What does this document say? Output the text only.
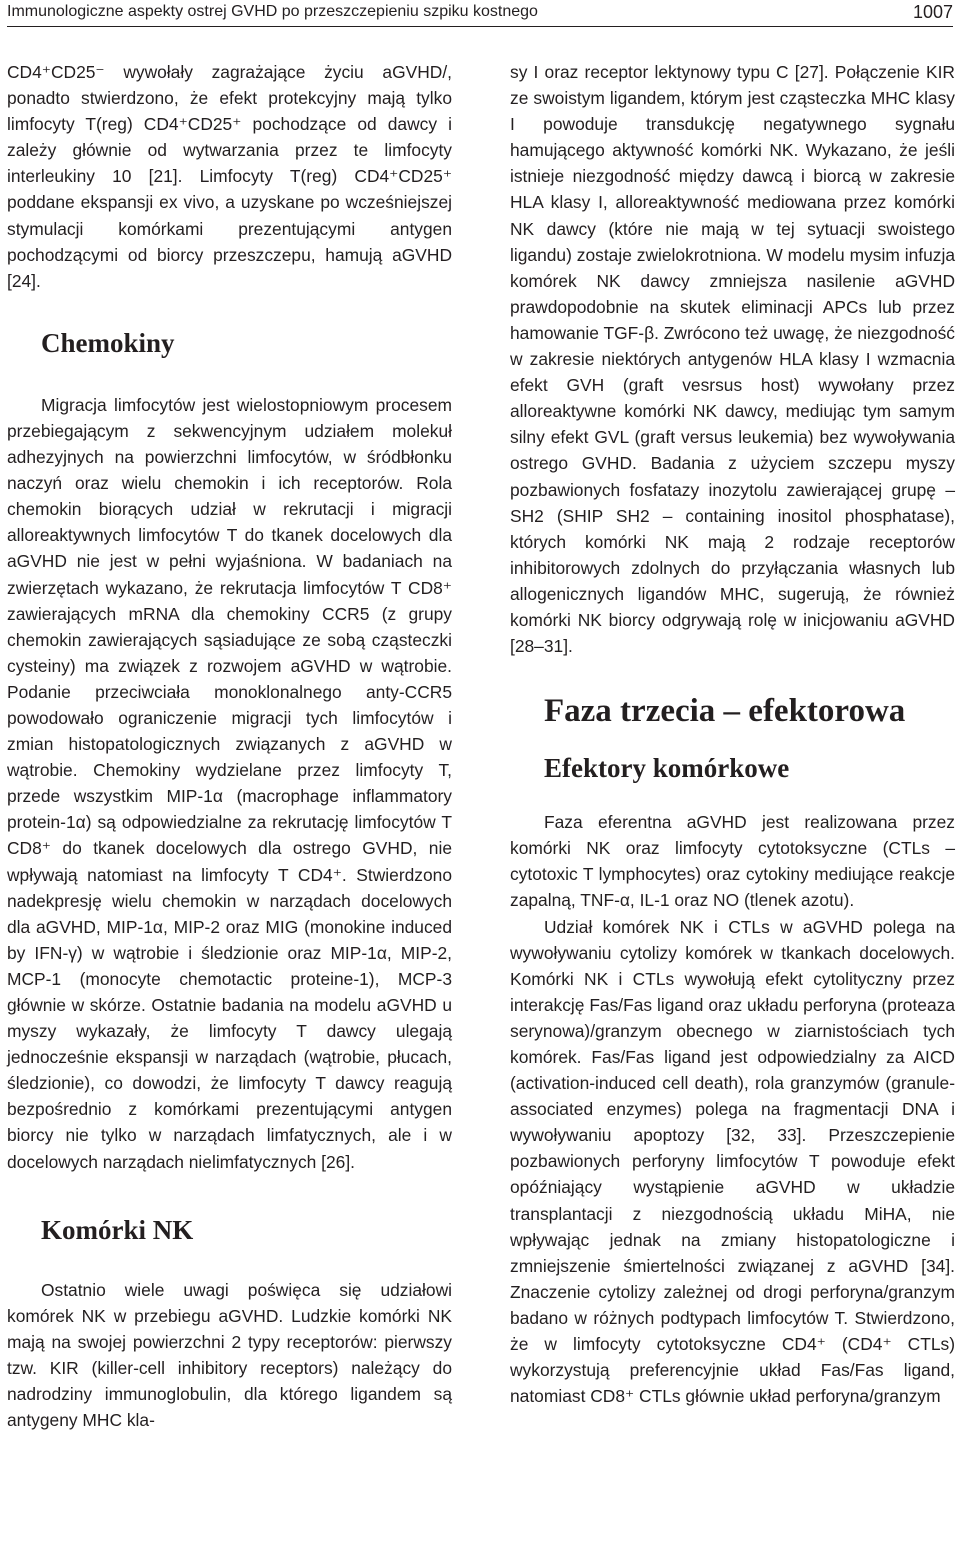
Immunologiczne aspekty ostrej GVHD po przeszczepieniu szpiku kostnego	1007

CD4⁺CD25⁻ wywołały zagrażające życiu aGVHD/, ponadto stwierdzono, że efekt protekcyjny mają tylko limfocyty T(reg) CD4⁺CD25⁺ pochodzące od dawcy i zależy głównie od wytwarzania przez te limfocyty interleukiny 10 [21]. Limfocyty T(reg) CD4⁺CD25⁺ poddane ekspansji ex vivo, a uzyskane po wcześniejszej stymulacji komórkami prezentującymi antygen pochodzącymi od biorcy przeszczepu, hamują aGVHD [24].

Chemokiny

Migracja limfocytów jest wielostopniowym procesem przebiegającym z sekwencyjnym udziałem molekuł adhezyjnych na powierzchni limfocytów, w śródbłonku naczyń oraz wielu chemokin i ich receptorów. Rola chemokin biorących udział w rekrutacji i migracji alloreaktywnych limfocytów T do tkanek docelowych dla aGVHD nie jest w pełni wyjaśniona. W badaniach na zwierzętach wykazano, że rekrutacja limfocytów T CD8⁺ zawierających mRNA dla chemokiny CCR5 (z grupy chemokin zawierających sąsiadujące ze sobą cząsteczki cysteiny) ma związek z rozwojem aGVHD w wątrobie. Podanie przeciwciała monoklonalnego anty-CCR5 powodowało ograniczenie migracji tych limfocytów i zmian histopatologicznych związanych z aGVHD w wątrobie. Chemokiny wydzielane przez limfocyty T, przede wszystkim MIP-1α (macrophage inflammatory protein-1α) są odpowiedzialne za rekrutację limfocytów T CD8⁺ do tkanek docelowych dla ostrego GVHD, nie wpływają natomiast na limfocyty T CD4⁺. Stwierdzono nadekpresję wielu chemokin w narządach docelowych dla aGVHD, MIP-1α, MIP-2 oraz MIG (monokine induced by IFN-γ) w wątrobie i śledzionie oraz MIP-1α, MIP-2, MCP-1 (monocyte chemotactic proteine-1), MCP-3 głównie w skórze. Ostatnie badania na modelu aGVHD u myszy wykazały, że limfocyty T dawcy ulegają jednocześnie ekspansji w narządach (wątrobie, płucach, śledzionie), co dowodzi, że limfocyty T dawcy reagują bezpośrednio z komórkami prezentującymi antygen biorcy nie tylko w narządach limfatycznych, ale i w docelowych narządach nielimfatycznych [26].

Komórki NK

Ostatnio wiele uwagi poświęca się udziałowi komórek NK w przebiegu aGVHD. Ludzkie komórki NK mają na swojej powierzchni 2 typy receptorów: pierwszy tzw. KIR (killer-cell inhibitory receptors) należący do nadrodziny immunoglobulin, dla którego ligandem są antygeny MHC kla-

sy I oraz receptor lektynowy typu C [27]. Połączenie KIR ze swoistym ligandem, którym jest cząsteczka MHC klasy I powoduje transdukcję negatywnego sygnału hamującego aktywność komórki NK. Wykazano, że jeśli istnieje niezgodność między dawcą i biorcą w zakresie HLA klasy I, alloreaktywność mediowana przez komórki NK dawcy (które nie mają w tej sytuacji swoistego ligandu) zostaje zwielokrotniona. W modelu mysim infuzja komórek NK dawcy zmniejsza nasilenie aGVHD prawdopodobnie na skutek eliminacji APCs lub przez hamowanie TGF-β. Zwrócono też uwagę, że niezgodność w zakresie niektórych antygenów HLA klasy I wzmacnia efekt GVH (graft vesrsus host) wywołany przez alloreaktywne komórki NK dawcy, mediując tym samym silny efekt GVL (graft versus leukemia) bez wywoływania ostrego GVHD. Badania z użyciem szczepu myszy pozbawionych fosfatazy inozytolu zawierającej grupę –SH2 (SHIP SH2 – containing inositol phosphatase), których komórki NK mają 2 rodzaje receptorów inhibitorowych zdolnych do przyłączania własnych lub allogenicznych ligandów MHC, sugerują, że również komórki NK biorcy odgrywają rolę w inicjowaniu aGVHD [28–31].

Faza trzecia – efektorowa
Efektory komórkowe

Faza eferentna aGVHD jest realizowana przez komórki NK oraz limfocyty cytotoksyczne (CTLs – cytotoxic T lymphocytes) oraz cytokiny mediujące reakcje zapalną, TNF-α, IL-1 oraz NO (tlenek azotu).

Udział komórek NK i CTLs w aGVHD polega na wywoływaniu cytolizy komórek w tkankach docelowych. Komórki NK i CTLs wywołują efekt cytolityczny przez interakcję Fas/Fas ligand oraz układu perforyna (proteaza serynowa)/granzym obecnego w ziarnistościach tych komórek. Fas/Fas ligand jest odpowiedzialny za AICD (activation-induced cell death), rola granzymów (granule-associated enzymes) polega na fragmentacji DNA i wywoływaniu apoptozy [32, 33]. Przeszczepienie pozbawionych perforyny limfocytów T powoduje efekt opóźniający wystąpienie aGVHD w układzie transplantacji z niezgodnością układu MiHA, nie wpływając jednak na zmiany histopatologiczne i zmniejszenie śmiertelności związanej z aGVHD [34]. Znaczenie cytolizy zależnej od drogi perforyna/granzym badano w różnych podtypach limfocytów T. Stwierdzono, że w limfocyty cytotoksyczne CD4⁺ (CD4⁺ CTLs) wykorzystują preferencyjnie układ Fas/Fas ligand, natomiast CD8⁺ CTLs głównie układ perforyna/granzym
